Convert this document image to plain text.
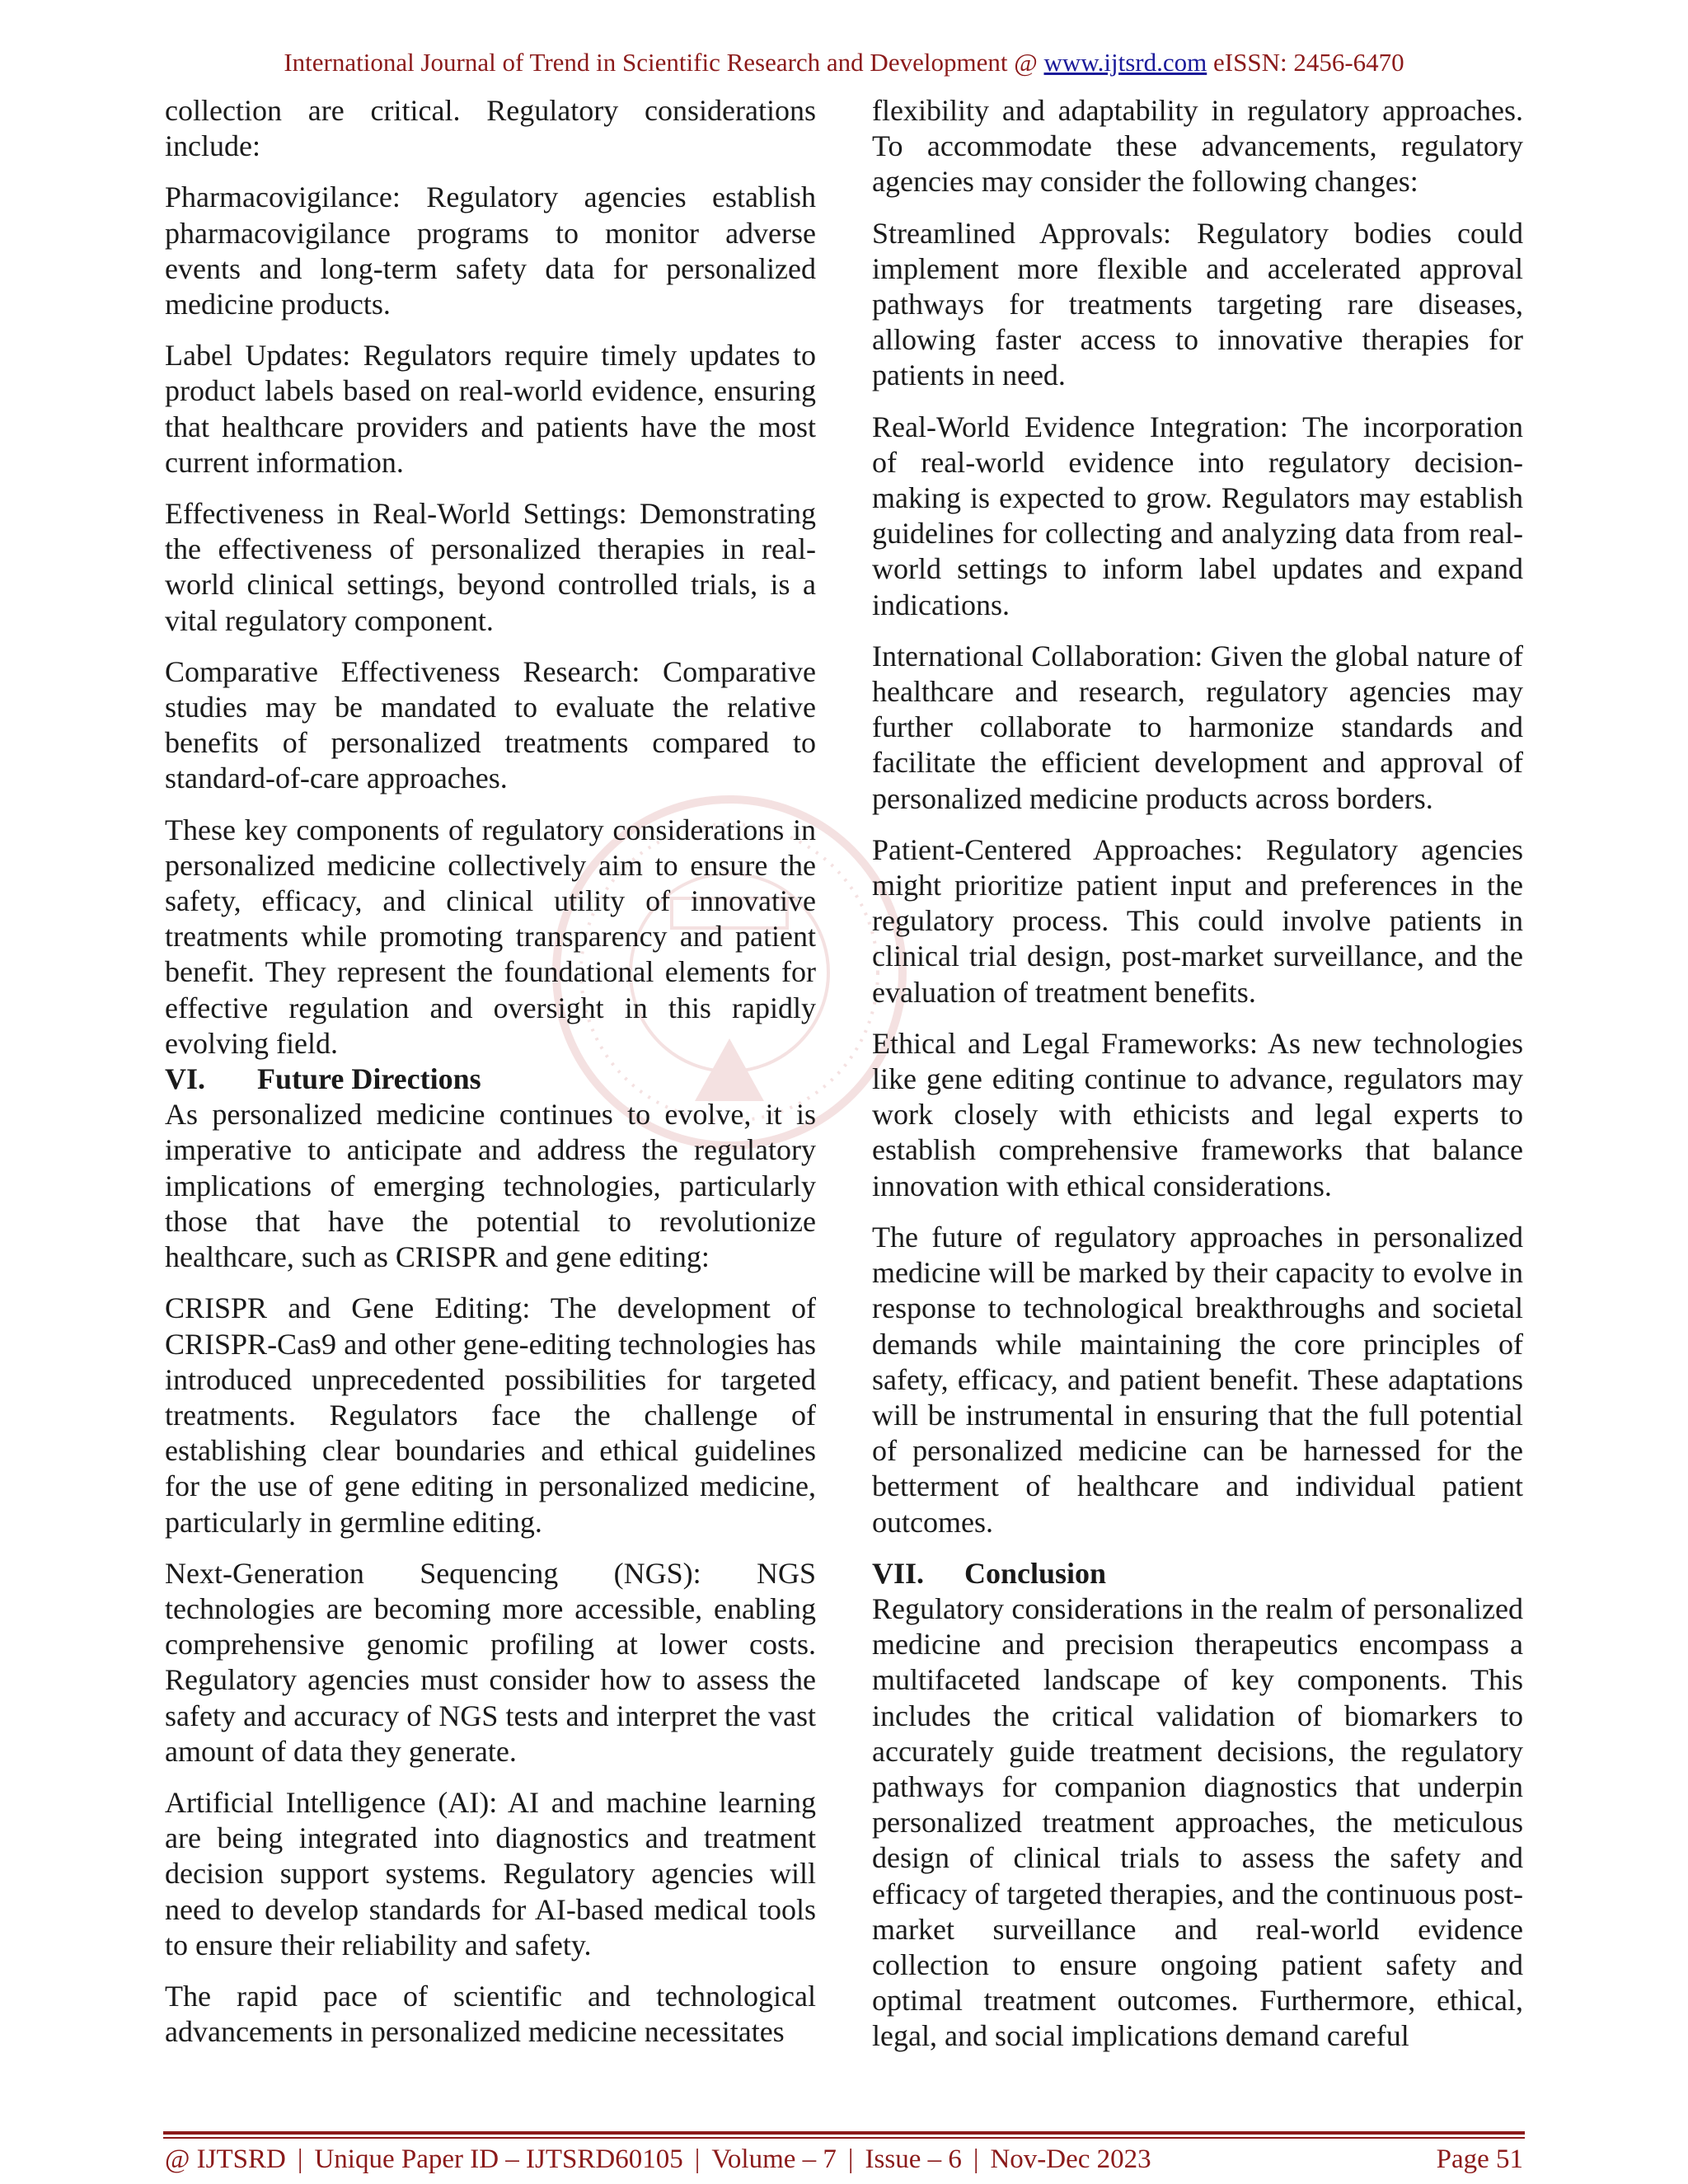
International Journal of Trend in Scientific Research and Development @ www.ijtsrd.com eISSN: 2456-6470

collection are critical. Regulatory considerations include:

Pharmacovigilance: Regulatory agencies establish pharmacovigilance programs to monitor adverse events and long-term safety data for personalized medicine products.

Label Updates: Regulators require timely updates to product labels based on real-world evidence, ensuring that healthcare providers and patients have the most current information.

Effectiveness in Real-World Settings: Demonstrating the effectiveness of personalized therapies in real-world clinical settings, beyond controlled trials, is a vital regulatory component.

Comparative Effectiveness Research: Comparative studies may be mandated to evaluate the relative benefits of personalized treatments compared to standard-of-care approaches.

These key components of regulatory considerations in personalized medicine collectively aim to ensure the safety, efficacy, and clinical utility of innovative treatments while promoting transparency and patient benefit. They represent the foundational elements for effective regulation and oversight in this rapidly evolving field.

VI. Future Directions

As personalized medicine continues to evolve, it is imperative to anticipate and address the regulatory implications of emerging technologies, particularly those that have the potential to revolutionize healthcare, such as CRISPR and gene editing:

CRISPR and Gene Editing: The development of CRISPR-Cas9 and other gene-editing technologies has introduced unprecedented possibilities for targeted treatments. Regulators face the challenge of establishing clear boundaries and ethical guidelines for the use of gene editing in personalized medicine, particularly in germline editing.

Next-Generation Sequencing (NGS): NGS technologies are becoming more accessible, enabling comprehensive genomic profiling at lower costs. Regulatory agencies must consider how to assess the safety and accuracy of NGS tests and interpret the vast amount of data they generate.

Artificial Intelligence (AI): AI and machine learning are being integrated into diagnostics and treatment decision support systems. Regulatory agencies will need to develop standards for AI-based medical tools to ensure their reliability and safety.

The rapid pace of scientific and technological advancements in personalized medicine necessitates

flexibility and adaptability in regulatory approaches. To accommodate these advancements, regulatory agencies may consider the following changes:

Streamlined Approvals: Regulatory bodies could implement more flexible and accelerated approval pathways for treatments targeting rare diseases, allowing faster access to innovative therapies for patients in need.

Real-World Evidence Integration: The incorporation of real-world evidence into regulatory decision-making is expected to grow. Regulators may establish guidelines for collecting and analyzing data from real-world settings to inform label updates and expand indications.

International Collaboration: Given the global nature of healthcare and research, regulatory agencies may further collaborate to harmonize standards and facilitate the efficient development and approval of personalized medicine products across borders.

Patient-Centered Approaches: Regulatory agencies might prioritize patient input and preferences in the regulatory process. This could involve patients in clinical trial design, post-market surveillance, and the evaluation of treatment benefits.

Ethical and Legal Frameworks: As new technologies like gene editing continue to advance, regulators may work closely with ethicists and legal experts to establish comprehensive frameworks that balance innovation with ethical considerations.

The future of regulatory approaches in personalized medicine will be marked by their capacity to evolve in response to technological breakthroughs and societal demands while maintaining the core principles of safety, efficacy, and patient benefit. These adaptations will be instrumental in ensuring that the full potential of personalized medicine can be harnessed for the betterment of healthcare and individual patient outcomes.

VII. Conclusion

Regulatory considerations in the realm of personalized medicine and precision therapeutics encompass a multifaceted landscape of key components. This includes the critical validation of biomarkers to accurately guide treatment decisions, the regulatory pathways for companion diagnostics that underpin personalized treatment approaches, the meticulous design of clinical trials to assess the safety and efficacy of targeted therapies, and the continuous post-market surveillance and real-world evidence collection to ensure ongoing patient safety and optimal treatment outcomes. Furthermore, ethical, legal, and social implications demand careful

@ IJTSRD | Unique Paper ID – IJTSRD60105 | Volume – 7 | Issue – 6 | Nov-Dec 2023	Page 51
